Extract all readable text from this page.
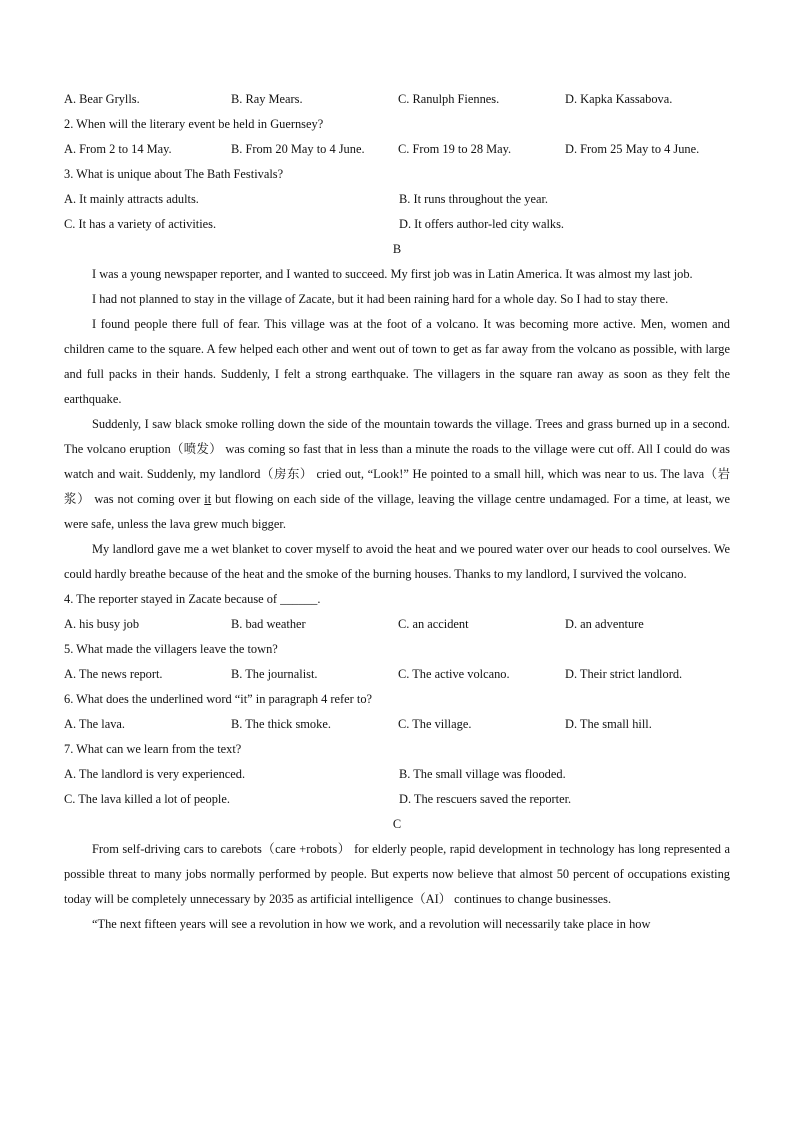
A. Bear Grylls.	B. Ray Mears.	C. Ranulph Fiennes.	D. Kapka Kassabova.
2. When will the literary event be held in Guernsey?
A. From 2 to 14 May.	B. From 20 May to 4 June.	C. From 19 to 28 May.	D. From 25 May to 4 June.
3. What is unique about The Bath Festivals?
A. It mainly attracts adults.	B. It runs throughout the year.
C. It has a variety of activities.	D. It offers author-led city walks.
B
I was a young newspaper reporter, and I wanted to succeed. My first job was in Latin America. It was almost my last job.
I had not planned to stay in the village of Zacate, but it had been raining hard for a whole day. So I had to stay there.
I found people there full of fear. This village was at the foot of a volcano. It was becoming more active. Men, women and children came to the square. A few helped each other and went out of town to get as far away from the volcano as possible, with large and full packs in their hands. Suddenly, I felt a strong earthquake. The villagers in the square ran away as soon as they felt the earthquake.
Suddenly, I saw black smoke rolling down the side of the mountain towards the village. Trees and grass burned up in a second. The volcano eruption（喷发） was coming so fast that in less than a minute the roads to the village were cut off. All I could do was watch and wait. Suddenly, my landlord（房东） cried out, “Look!” He pointed to a small hill, which was near to us. The lava（岩浆） was not coming over it but flowing on each side of the village, leaving the village centre undamaged. For a time, at least, we were safe, unless the lava grew much bigger.
My landlord gave me a wet blanket to cover myself to avoid the heat and we poured water over our heads to cool ourselves. We could hardly breathe because of the heat and the smoke of the burning houses. Thanks to my landlord, I survived the volcano.
4. The reporter stayed in Zacate because of ______.
A. his busy job	B. bad weather	C. an accident	D. an adventure
5. What made the villagers leave the town?
A. The news report.	B. The journalist.	C. The active volcano.	D. Their strict landlord.
6. What does the underlined word “it” in paragraph 4 refer to?
A. The lava.	B. The thick smoke.	C. The village.	D. The small hill.
7. What can we learn from the text?
A. The landlord is very experienced.	B. The small village was flooded.
C. The lava killed a lot of people.	D. The rescuers saved the reporter.
C
From self-driving cars to carebots（care +robots） for elderly people, rapid development in technology has long represented a possible threat to many jobs normally performed by people. But experts now believe that almost 50 percent of occupations existing today will be completely unnecessary by 2035 as artificial intelligence（AI） continues to change businesses.
“The next fifteen years will see a revolution in how we work, and a revolution will necessarily take place in how
